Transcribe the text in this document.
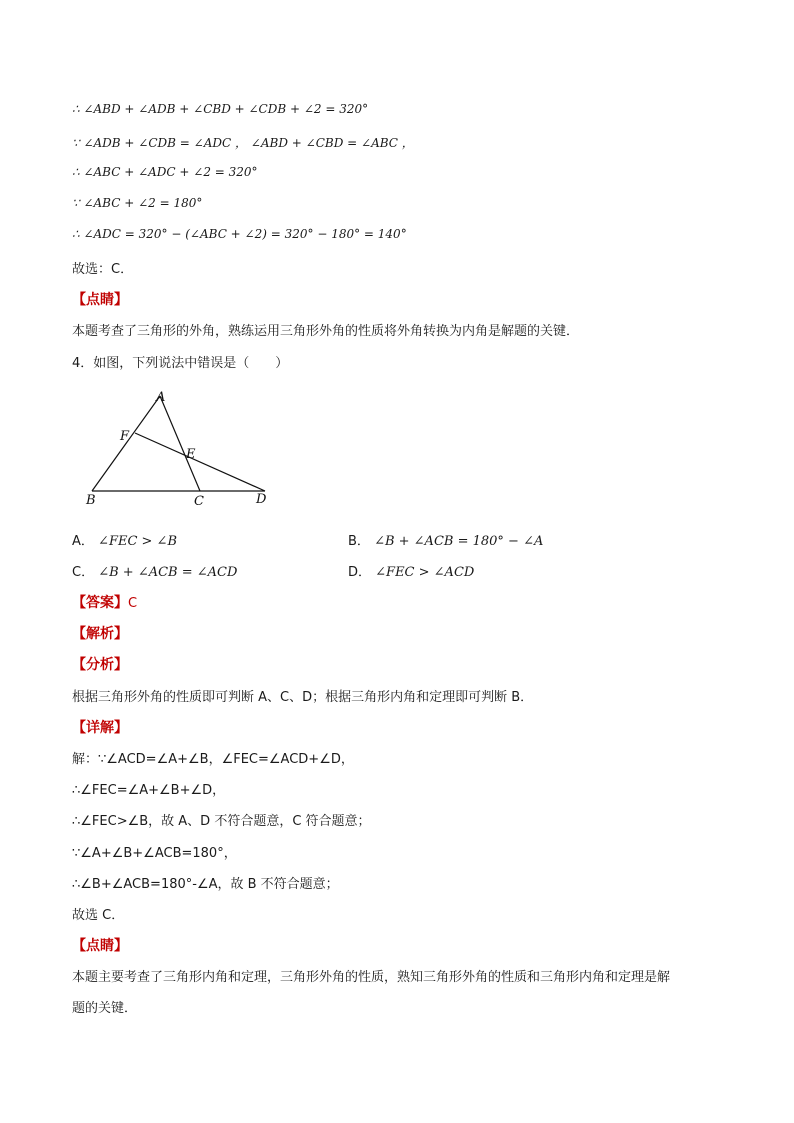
∴ ∠ABD + ∠ADB + ∠CBD + ∠CDB + ∠2 = 320°
∵ ∠ADB + ∠CDB = ∠ADC ， ∠ABD + ∠CBD = ∠ABC ，
∴ ∠ABC + ∠ADC + ∠2 = 320°
∵ ∠ABC + ∠2 = 180°
∴ ∠ADC = 320° − (∠ABC + ∠2) = 320° − 180° = 140°
故选：C．
【点睛】
本题考查了三角形的外角，熟练运用三角形外角的性质将外角转换为内角是解题的关键．
4．如图，下列说法中错误是（　　）
A
F
E
B	C	D
A． ∠FEC > ∠B	B． ∠B + ∠ACB = 180° − ∠A
C． ∠B + ∠ACB = ∠ACD	D． ∠FEC > ∠ACD
【答案】C
【解析】
【分析】
根据三角形外角的性质即可判断 A、C、D；根据三角形内角和定理即可判断 B．
【详解】
解：∵∠ACD=∠A+∠B，∠FEC=∠ACD+∠D，
∴∠FEC=∠A+∠B+∠D，
∴∠FEC>∠B，故 A、D 不符合题意，C 符合题意；
∵∠A+∠B+∠ACB=180°，
∴∠B+∠ACB=180°-∠A，故 B 不符合题意；
故选 C．
【点睛】
本题主要考查了三角形内角和定理，三角形外角的性质，熟知三角形外角的性质和三角形内角和定理是解
题的关键．
